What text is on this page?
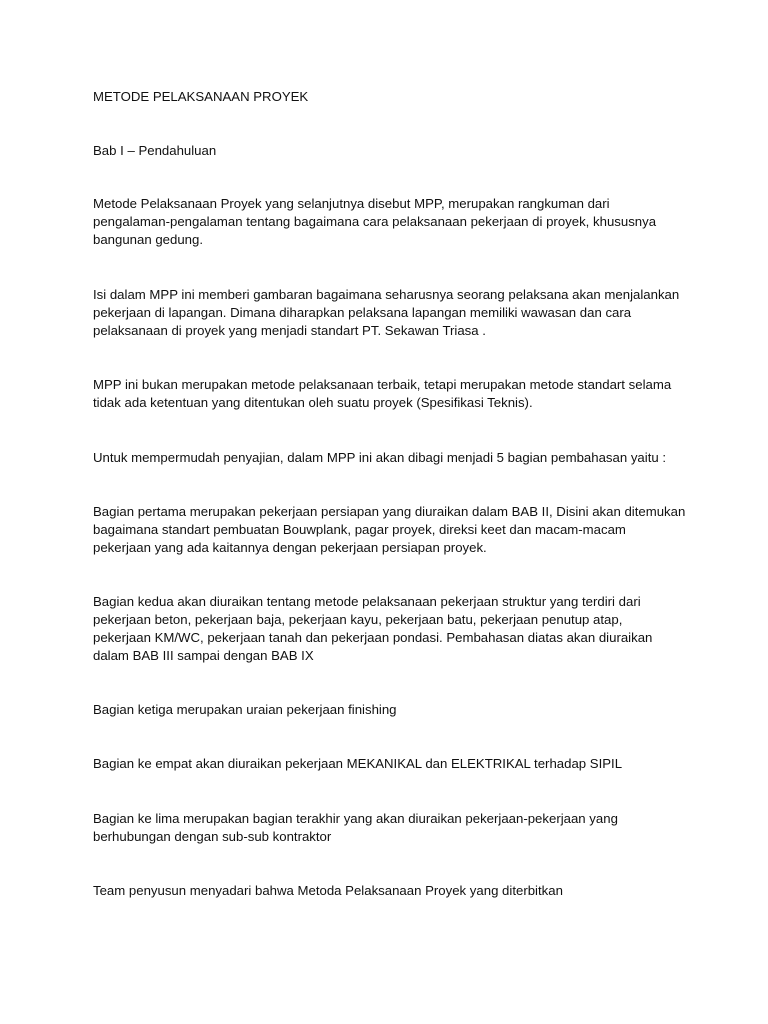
METODE PELAKSANAAN PROYEK
Bab I – Pendahuluan
Metode Pelaksanaan Proyek yang selanjutnya disebut MPP, merupakan rangkuman dari
pengalaman-pengalaman tentang bagaimana cara pelaksanaan pekerjaan di proyek, khususnya
bangunan gedung.
Isi dalam MPP ini memberi gambaran bagaimana seharusnya seorang pelaksana akan menjalankan
pekerjaan di lapangan. Dimana diharapkan pelaksana lapangan memiliki wawasan dan cara
pelaksanaan di proyek yang menjadi standart PT. Sekawan Triasa .
MPP ini bukan merupakan metode pelaksanaan terbaik, tetapi merupakan metode standart selama
tidak ada ketentuan yang ditentukan oleh suatu proyek (Spesifikasi Teknis).
Untuk mempermudah penyajian, dalam MPP ini akan dibagi menjadi 5 bagian pembahasan yaitu :
Bagian pertama merupakan pekerjaan persiapan yang diuraikan dalam BAB II, Disini akan ditemukan
bagaimana standart pembuatan Bouwplank, pagar proyek, direksi keet dan macam-macam
pekerjaan yang ada kaitannya dengan pekerjaan persiapan proyek.
Bagian kedua akan diuraikan tentang metode pelaksanaan pekerjaan struktur yang terdiri dari
pekerjaan beton, pekerjaan baja, pekerjaan kayu, pekerjaan batu, pekerjaan penutup atap,
pekerjaan KM/WC, pekerjaan tanah dan pekerjaan pondasi. Pembahasan diatas akan diuraikan
dalam BAB III sampai dengan BAB IX
Bagian ketiga merupakan uraian pekerjaan finishing
Bagian ke empat akan diuraikan pekerjaan MEKANIKAL dan ELEKTRIKAL terhadap SIPIL
Bagian ke lima merupakan bagian terakhir yang akan diuraikan pekerjaan-pekerjaan yang
berhubungan dengan sub-sub kontraktor
Team penyusun menyadari bahwa Metoda Pelaksanaan Proyek yang diterbitkan
